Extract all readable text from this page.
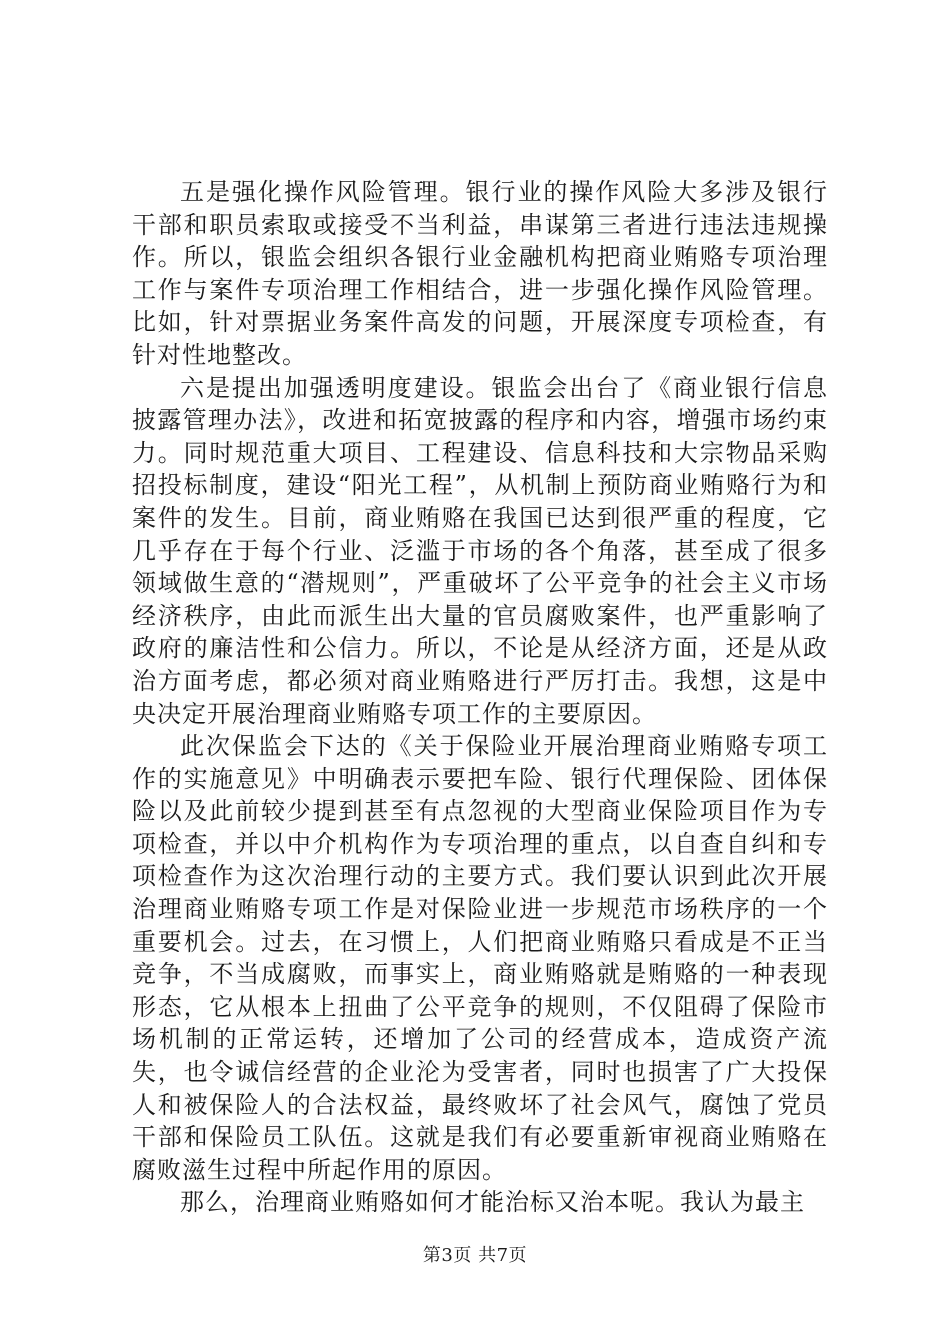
五是强化操作风险管理。银行业的操作风险大多涉及银行干部和职员索取或接受不当利益，串谋第三者进行违法违规操作。所以，银监会组织各银行业金融机构把商业贿赂专项治理工作与案件专项治理工作相结合，进一步强化操作风险管理。比如，针对票据业务案件高发的问题，开展深度专项检查，有针对性地整改。

六是提出加强透明度建设。银监会出台了《商业银行信息披露管理办法》，改进和拓宽披露的程序和内容，增强市场约束力。同时规范重大项目、工程建设、信息科技和大宗物品采购招投标制度，建设“阳光工程”，从机制上预防商业贿赂行为和案件的发生。目前，商业贿赂在我国已达到很严重的程度，它几乎存在于每个行业、泛滥于市场的各个角落，甚至成了很多领域做生意的“潜规则”，严重破坏了公平竞争的社会主义市场经济秩序，由此而派生出大量的官员腐败案件，也严重影响了政府的廉洁性和公信力。所以，不论是从经济方面，还是从政治方面考虑，都必须对商业贿赂进行严厉打击。我想，这是中央决定开展治理商业贿赂专项工作的主要原因。

此次保监会下达的《关于保险业开展治理商业贿赂专项工作的实施意见》中明确表示要把车险、银行代理保险、团体保险以及此前较少提到甚至有点忽视的大型商业保险项目作为专项检查，并以中介机构作为专项治理的重点，以自查自纠和专项检查作为这次治理行动的主要方式。我们要认识到此次开展治理商业贿赂专项工作是对保险业进一步规范市场秩序的一个重要机会。过去，在习惯上，人们把商业贿赂只看成是不正当竞争，不当成腐败，而事实上，商业贿赂就是贿赂的一种表现形态，它从根本上扭曲了公平竞争的规则，不仅阻碍了保险市场机制的正常运转，还增加了公司的经营成本，造成资产流失，也令诚信经营的企业沦为受害者，同时也损害了广大投保人和被保险人的合法权益，最终败坏了社会风气，腐蚀了党员干部和保险员工队伍。这就是我们有必要重新审视商业贿赂在腐败滋生过程中所起作用的原因。

那么，治理商业贿赂如何才能治标又治本呢。我认为最主

第3页 共7页
